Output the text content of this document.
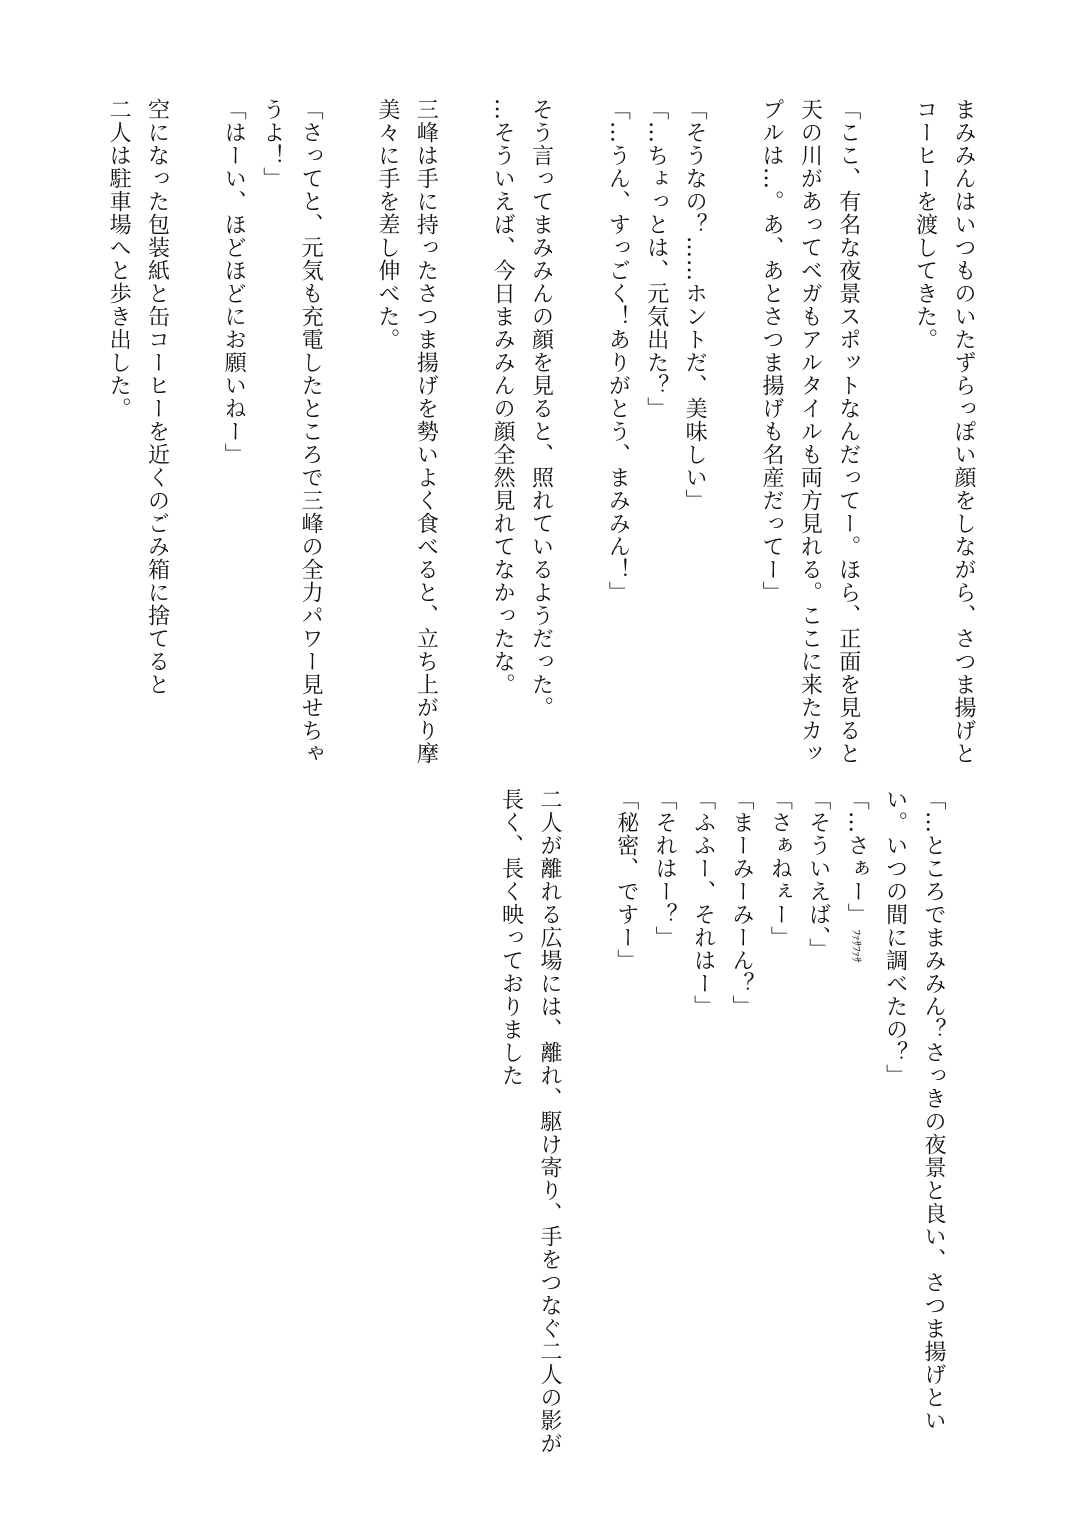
まみみんはいつものいたずらっぽい顔をしながら、さつま揚げと
コーヒーを渡してきた。

「ここ、有名な夜景スポットなんだってー。ほら、正面を見ると
天の川があってベガもアルタイルも両方見れる。ここに来たカッ
プルは…。あ、あとさつま揚げも名産だってー」

「そうなの？……ホントだ、美味しい」
「…ちょっとは、元気出た？」
「…うん、すっごく！ありがとう、まみみん！」

そう言ってまみみんの顔を見ると、照れているようだった。
…そういえば、今日まみみんの顔全然見れてなかったな。

三峰は手に持ったさつま揚げを勢いよく食べると、立ち上がり摩
美々に手を差し伸べた。

「さってと、元気も充電したところで三峰の全力パワー見せちゃ
うよ！」
「はーい、ほどほどにお願いねー」

空になった包装紙と缶コーヒーを近くのごみ箱に捨てると
二人は駐車場へと歩き出した。
「…ところでまみみん？さっきの夜景と良い、さつま揚げとい
い。いつの間に調べたの？」
「…さぁー」 ﾌｧｻﾌｧｻ
「そういえば、」
「さぁねぇー」
「まーみーみーん？」
「ふふー、それはー」
「それはー？」
「秘密、ですー」

二人が離れる広場には、離れ、駆け寄り、手をつなぐ二人の影が
長く、長く映っておりました
